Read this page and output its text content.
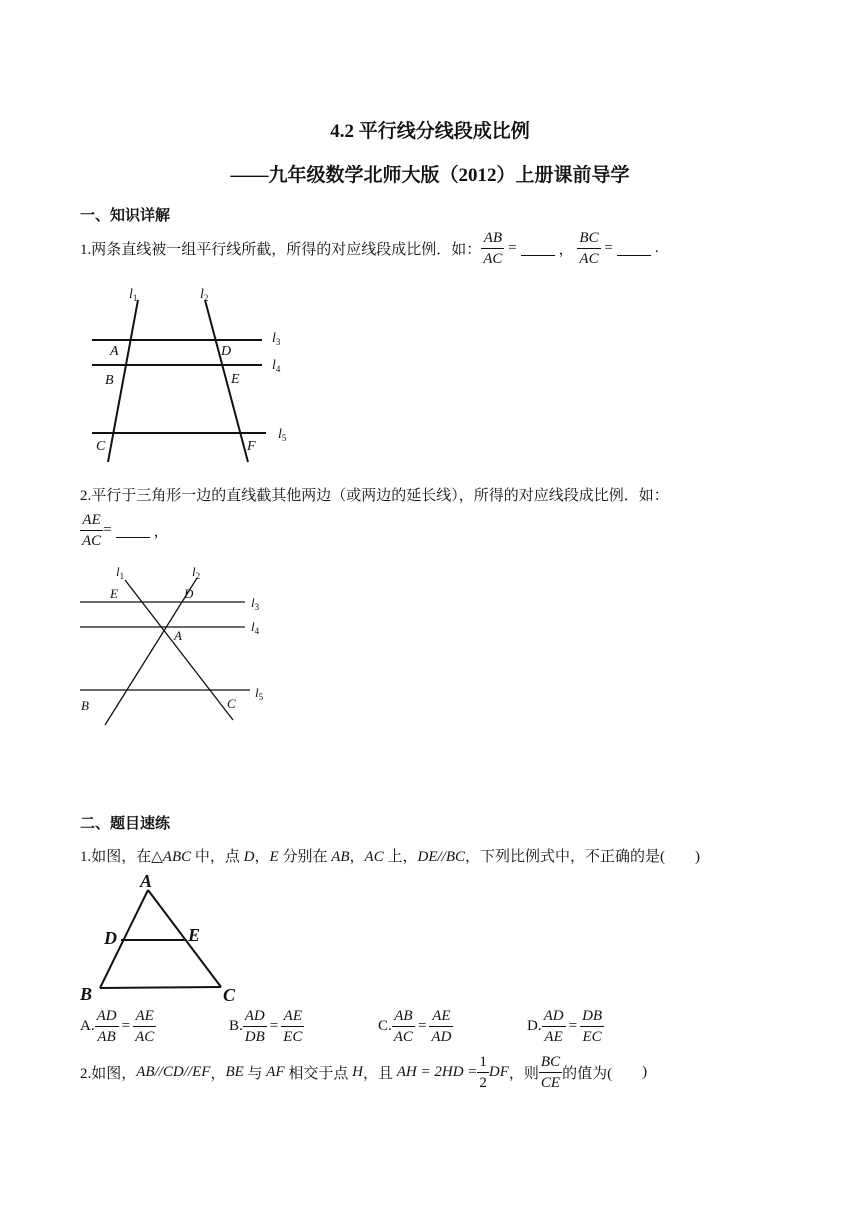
4.2 平行线分线段成比例
——九年级数学北师大版（2012）上册课前导学
一、知识详解
1.两条直线被一组平行线所截，所得的对应线段成比例．如： $\frac{AB}{AC}$ =	， $\frac{BC}{AC}$ =	.
$l_1$	$l_2$
$l_3$
$l_4$
$l_5$
A
B
C
D
E
F
2.平行于三角形一边的直线截其他两边（或两边的延长线），所得的对应线段成比例．如：
$\frac{AE}{AC}$ =	，
$l_1$	$l_2$
$l_3$
$l_4$
$l_5$
E	D
A
B	C
二、题目速练
1.如图，在△ABC 中，点 D，E 分别在 AB，AC 上，DE//BC，下列比例式中，不正确的是( )
A
D	E
B	C
A. $\frac{AD}{AB} = \frac{AE}{AC}$	B. $\frac{AD}{DB} = \frac{AE}{EC}$	C. $\frac{AB}{AC} = \frac{AE}{AD}$	D. $\frac{AD}{AE} = \frac{DB}{EC}$
2.如图，AB//CD//EF，BE 与 AF 相交于点 H，且 AH = $2HD = \frac{1}{2}$ DF，则 $\frac{BC}{CE}$ 的值为( )
